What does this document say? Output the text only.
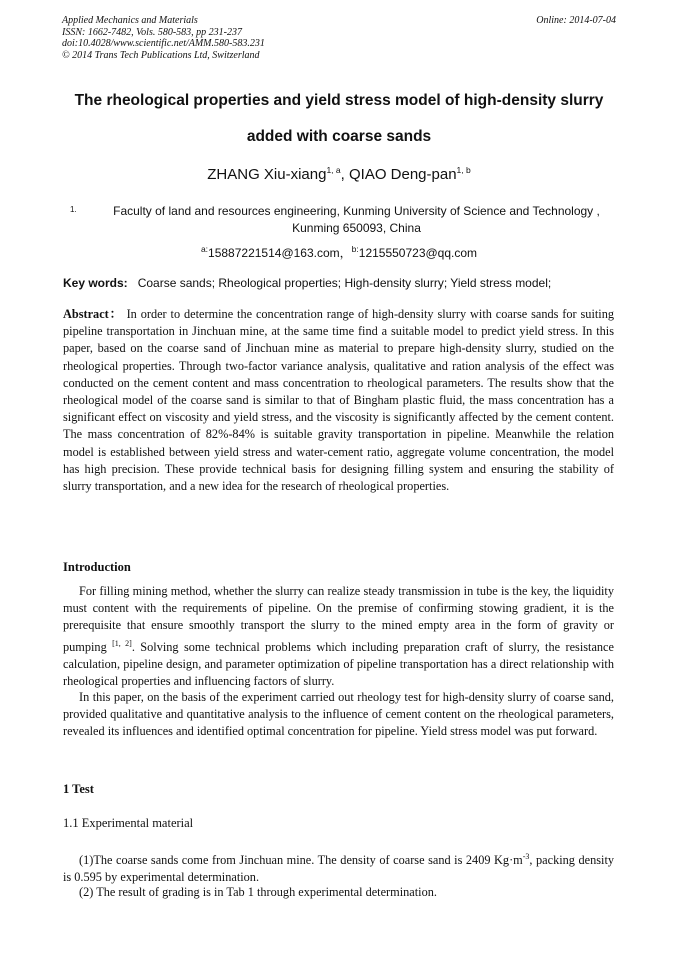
Applied Mechanics and Materials
ISSN: 1662-7482, Vols. 580-583, pp 231-237
doi:10.4028/www.scientific.net/AMM.580-583.231
© 2014 Trans Tech Publications Ltd, Switzerland
Online: 2014-07-04
The rheological properties and yield stress model of high-density slurry
added with coarse sands
ZHANG Xiu-xiang$^{1, a}$, QIAO Deng-pan$^{1, b}$
1.	Faculty of land and resources engineering, Kunming University of Science and Technology ,
Kunming 650093, China
$^{a:}$15887221514@163.com，$^{b:}$1215550723@qq.com
Key words: Coarse sands; Rheological properties; High-density slurry; Yield stress model;
Abstract： In order to determine the concentration range of high-density slurry with coarse sands for suiting pipeline transportation in Jinchuan mine, at the same time find a suitable model to predict yield stress. In this paper, based on the coarse sand of Jinchuan mine as material to prepare high-density slurry, studied on the rheological properties. Through two-factor variance analysis, qualitative and ration analysis of the effect was conducted on the cement content and mass concentration to rheological parameters. The results show that the rheological model of the coarse sand is similar to that of Bingham plastic fluid, the mass concentration has a significant effect on viscosity and yield stress, and the viscosity is significantly affected by the cement content. The mass concentration of 82%-84% is suitable gravity transportation in pipeline. Meanwhile the relation model is established between yield stress and water-cement ratio, aggregate volume concentration, the model has high precision. These provide technical basis for designing filling system and ensuring the stability of slurry transportation, and a new idea for the research of rheological properties.
Introduction
For filling mining method, whether the slurry can realize steady transmission in tube is the key, the liquidity must content with the requirements of pipeline. On the premise of confirming stowing gradient, it is the prerequisite that ensure smoothly transport the slurry to the mined empty area in the form of gravity or pumping [1, 2]. Solving some technical problems which including preparation craft of slurry, the resistance calculation, pipeline design, and parameter optimization of pipeline transportation has a direct relationship with rheological properties and influencing factors of slurry.
In this paper, on the basis of the experiment carried out rheology test for high-density slurry of coarse sand, provided qualitative and quantitative analysis to the influence of cement content on the rheological parameters, revealed its influences and identified optimal concentration for pipeline. Yield stress model was put forward.
1 Test
1.1 Experimental material
(1)The coarse sands come from Jinchuan mine. The density of coarse sand is 2409 Kg·m$^{-3}$, packing density is 0.595 by experimental determination.
(2) The result of grading is in Tab 1 through experimental determination.
